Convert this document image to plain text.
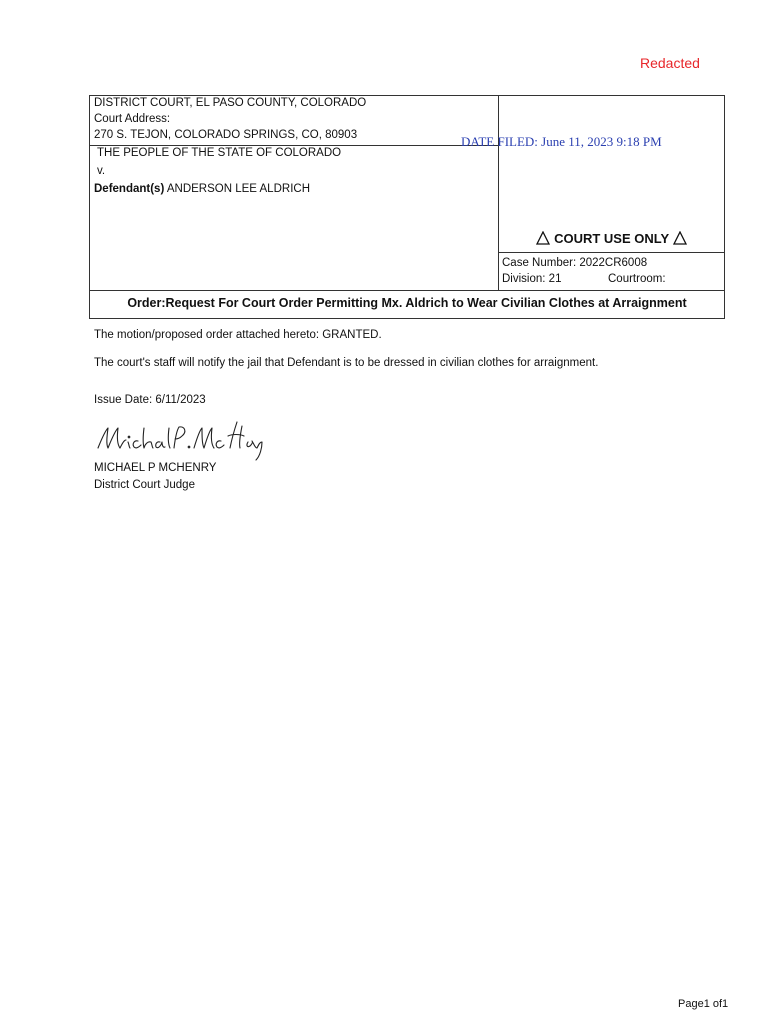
Redacted
DISTRICT COURT, EL PASO COUNTY, COLORADO
Court Address:
270 S. TEJON, COLORADO SPRINGS, CO, 80903
THE PEOPLE OF THE STATE OF COLORADO
v.
Defendant(s) ANDERSON LEE ALDRICH
DATE FILED: June 11, 2023 9:18 PM
COURT USE ONLY
Case Number: 2022CR6008
Division: 21	Courtroom:
Order:Request For Court Order Permitting Mx. Aldrich to Wear Civilian Clothes at Arraignment
The motion/proposed order attached hereto: GRANTED.
The court's staff will notify the jail that Defendant is to be dressed in civilian clothes for arraignment.
Issue Date: 6/11/2023
MICHAEL P MCHENRY
District Court Judge
Page1 of1
